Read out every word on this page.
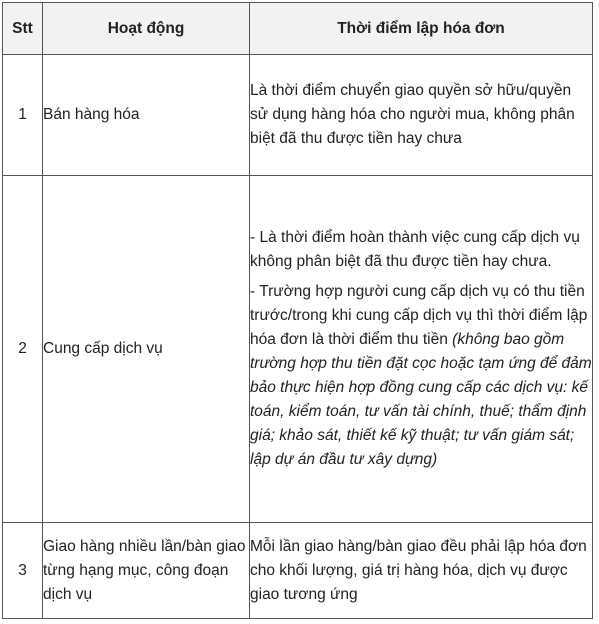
Stt	Hoạt động	Thời điểm lập hóa đơn
1	Bán hàng hóa	Là thời điểm chuyển giao quyền sở hữu/quyền sử dụng hàng hóa cho người mua, không phân biệt đã thu được tiền hay chưa
2	Cung cấp dịch vụ	- Là thời điểm hoàn thành việc cung cấp dịch vụ không phân biệt đã thu được tiền hay chưa.
- Trường hợp người cung cấp dịch vụ có thu tiền trước/trong khi cung cấp dịch vụ thì thời điểm lập hóa đơn là thời điểm thu tiền (không bao gồm trường hợp thu tiền đặt cọc hoặc tạm ứng để đảm bảo thực hiện hợp đồng cung cấp các dịch vụ: kế toán, kiểm toán, tư vấn tài chính, thuế; thẩm định giá; khảo sát, thiết kế kỹ thuật; tư vấn giám sát; lập dự án đầu tư xây dựng)

3	Giao hàng nhiều lần/bàn giao từng hạng mục, công đoạn dịch vụ	Mỗi lần giao hàng/bàn giao đều phải lập hóa đơn cho khối lượng, giá trị hàng hóa, dịch vụ được giao tương ứng
